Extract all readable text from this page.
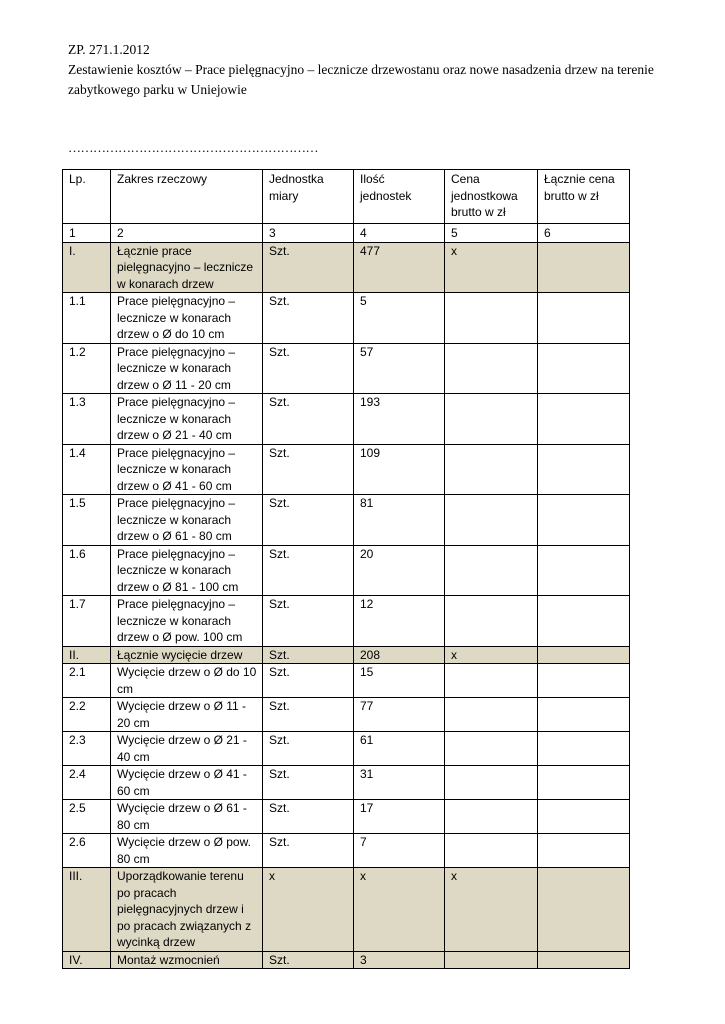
ZP. 271.1.2012
Zestawienie kosztów – Prace pielęgnacyjno – lecznicze drzewostanu oraz nowe nasadzenia drzew na terenie
zabytkowego parku w Uniejowie
……………………………………………………
Lp.	Zakres rzeczowy	Jednostka miary	Ilość jednostek	Cena jednostkowa brutto w zł	Łącznie cena brutto w zł
1	2	3	4	5	6
I.	Łącznie prace pielęgnacyjno – lecznicze w konarach drzew	Szt.	477	x	
1.1	Prace pielęgnacyjno – lecznicze w konarach drzew o Ø do 10 cm	Szt.	5		
1.2	Prace pielęgnacyjno – lecznicze w konarach drzew o Ø 11 - 20 cm	Szt.	57		
1.3	Prace pielęgnacyjno – lecznicze w konarach drzew o Ø 21 - 40 cm	Szt.	193		
1.4	Prace pielęgnacyjno – lecznicze w konarach drzew o Ø 41 - 60 cm	Szt.	109		
1.5	Prace pielęgnacyjno – lecznicze w konarach drzew o Ø 61 - 80 cm	Szt.	81		
1.6	Prace pielęgnacyjno – lecznicze w konarach drzew o Ø 81 - 100 cm	Szt.	20		
1.7	Prace pielęgnacyjno – lecznicze w konarach drzew o Ø pow. 100 cm	Szt.	12		
II.	Łącznie wycięcie drzew	Szt.	208	x	
2.1	Wycięcie drzew o Ø do 10 cm	Szt.	15		
2.2	Wycięcie drzew o Ø 11 - 20 cm	Szt.	77		
2.3	Wycięcie drzew o Ø 21 - 40 cm	Szt.	61		
2.4	Wycięcie drzew o Ø 41 - 60 cm	Szt.	31		
2.5	Wycięcie drzew o Ø 61 - 80 cm	Szt.	17		
2.6	Wycięcie drzew o Ø pow. 80 cm	Szt.	7		
III.	Uporządkowanie terenu po pracach pielęgnacyjnych drzew i po pracach związanych z wycinką drzew	x	x	x	
IV.	Montaż wzmocnień	Szt.	3		
